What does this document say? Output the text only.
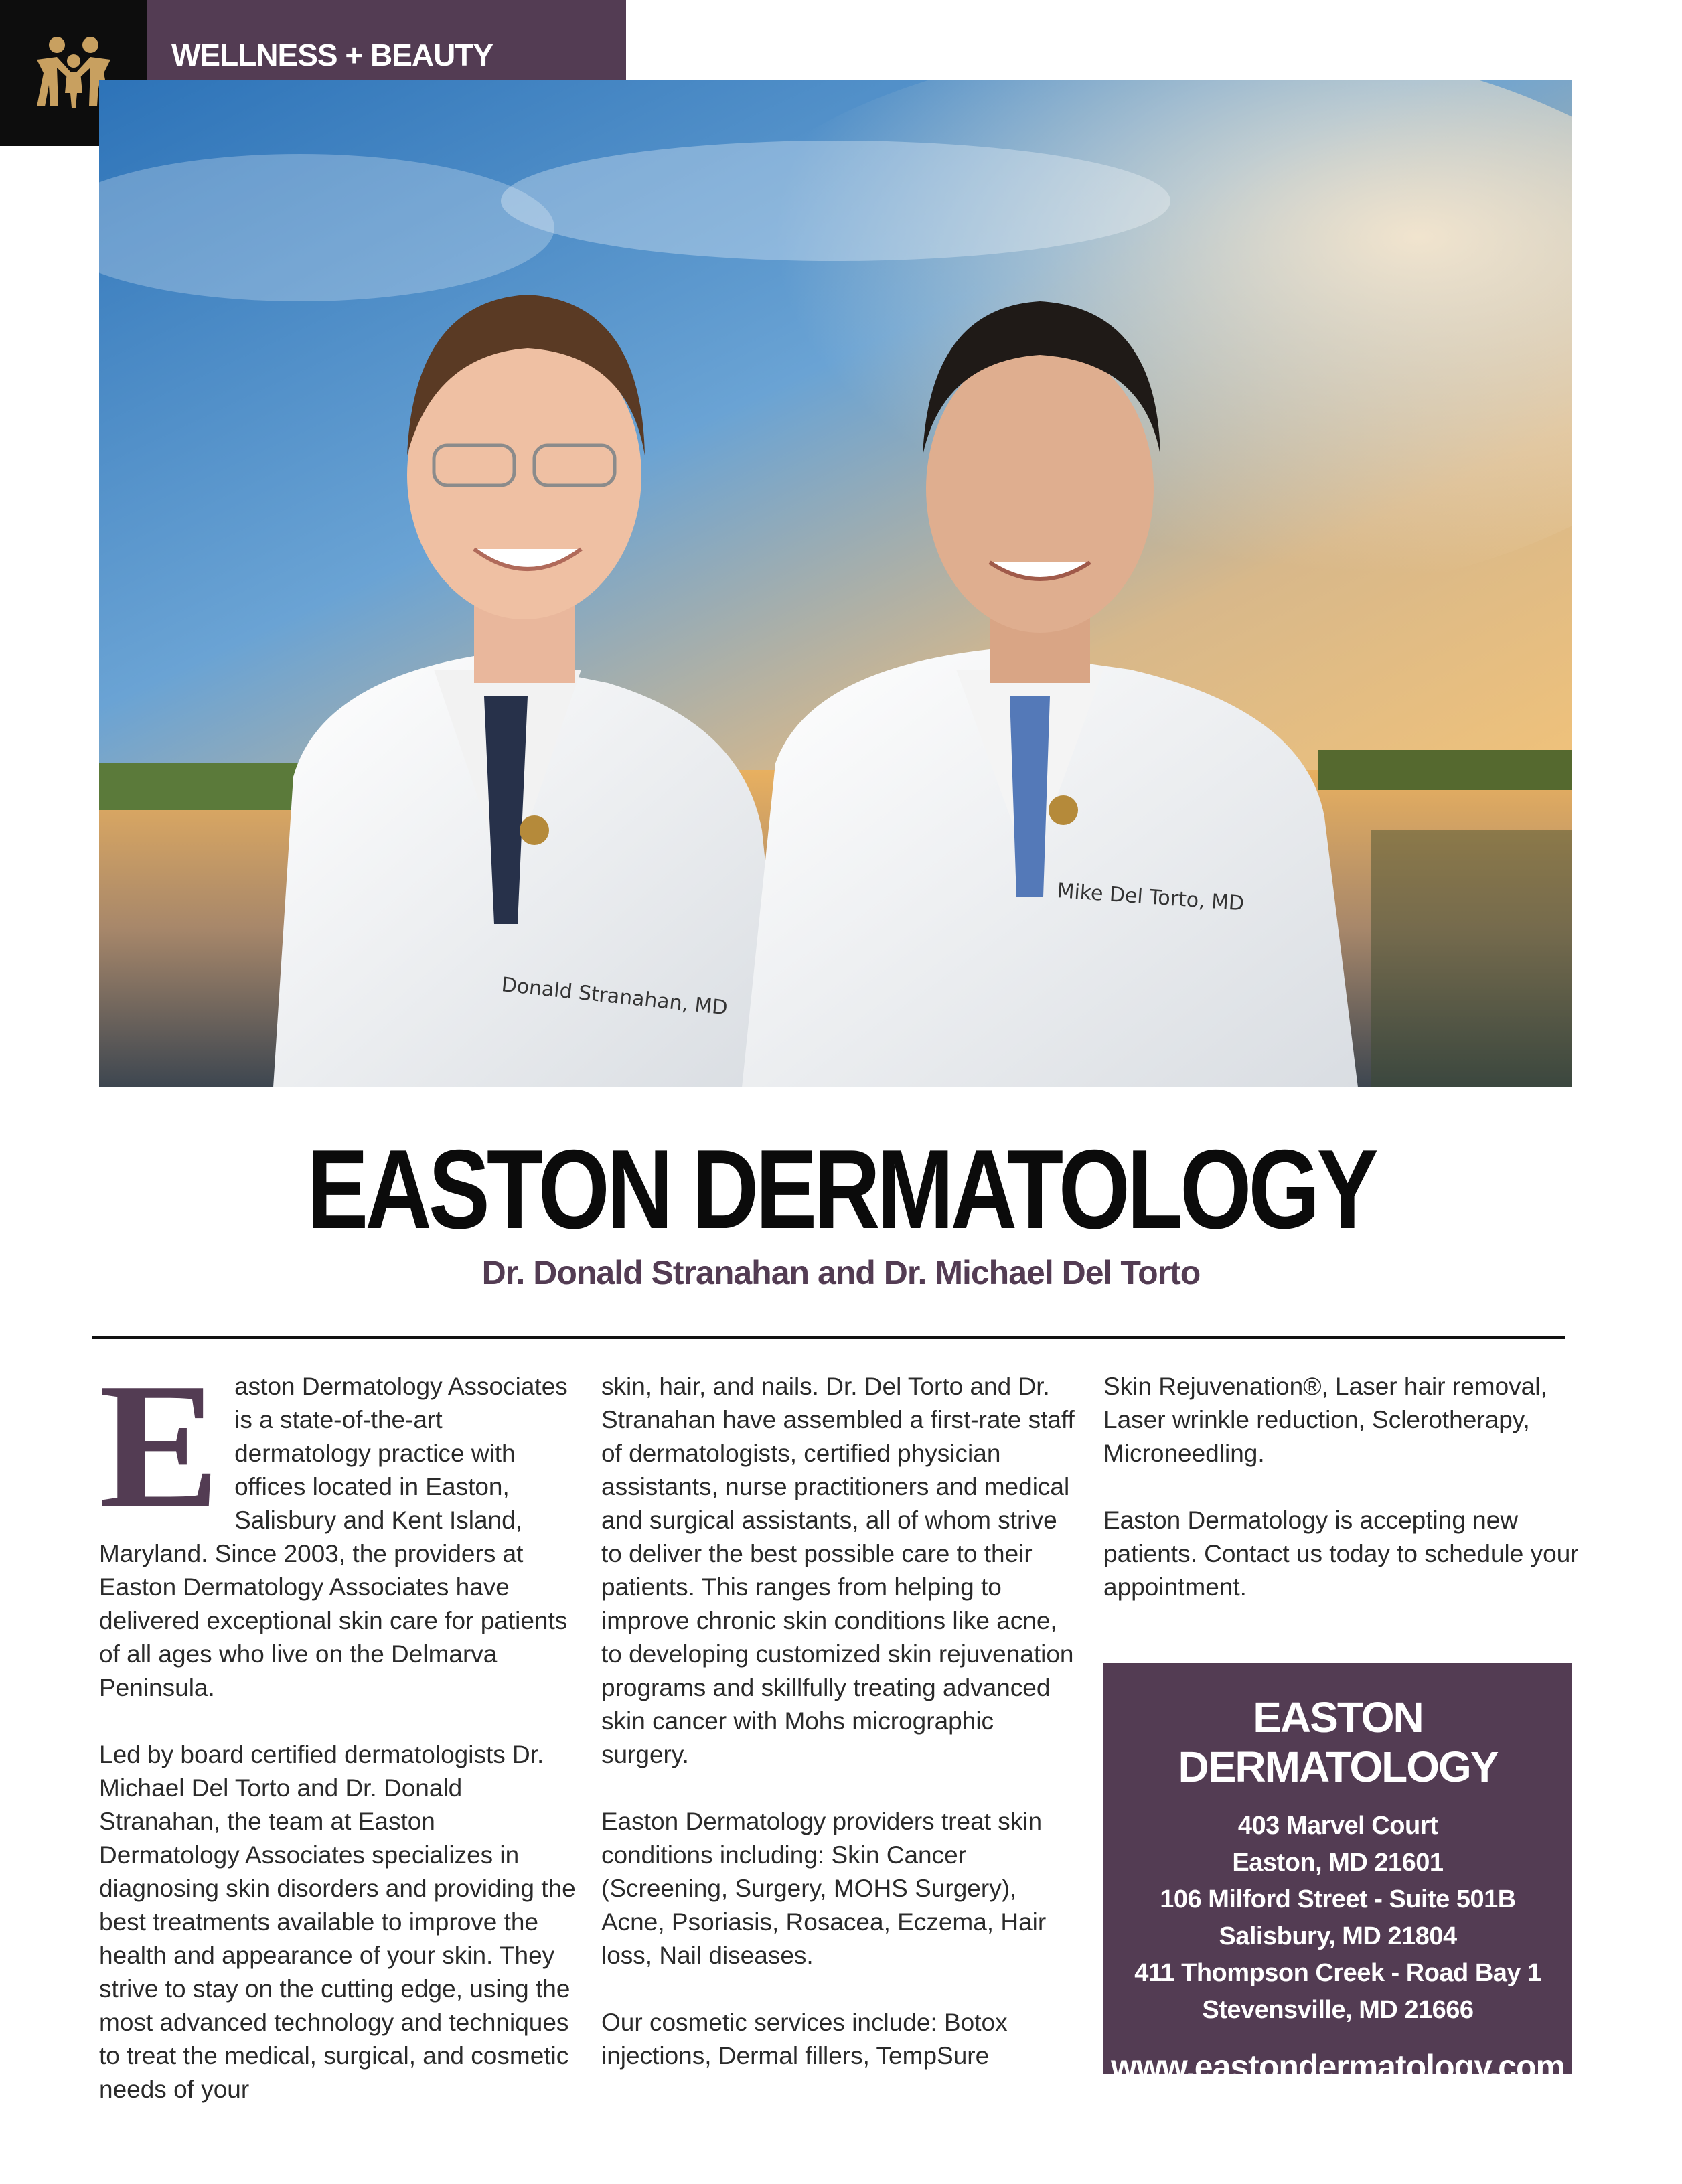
WELLNESS + BEAUTY
Donald Stranahan, MD
Mike Del Torto, MD
EASTON DERMATOLOGY
Dr. Donald Stranahan and Dr. Michael Del Torto
E aston Dermatology Associates is a state-of-the-art dermatology practice with offices located in Easton, Salisbury and Kent Island, Maryland. Since 2003, the providers at Easton Dermatology Associates have delivered exceptional skin care for patients of all ages who live on the Delmarva Peninsula.

Led by board certified dermatologists Dr. Michael Del Torto and Dr. Donald Stranahan, the team at Easton Dermatology Associates specializes in diagnosing skin disorders and providing the best treatments available to improve the health and appearance of your skin. They strive to stay on the cutting edge, using the most advanced technology and techniques to treat the medical, surgical, and cosmetic needs of your

skin, hair, and nails. Dr. Del Torto and Dr. Stranahan have assembled a first-rate staff of dermatologists, certified physician assistants, nurse practitioners and medical and surgical assistants, all of whom strive to deliver the best possible care to their patients. This ranges from helping to improve chronic skin conditions like acne, to developing customized skin rejuvenation programs and skillfully treating advanced skin cancer with Mohs micrographic surgery.

Easton Dermatology providers treat skin conditions including: Skin Cancer (Screening, Surgery, MOHS Surgery), Acne, Psoriasis, Rosacea, Eczema, Hair loss, Nail diseases.

Our cosmetic services include: Botox injections, Dermal fillers, TempSure

Skin Rejuvenation®, Laser hair removal, Laser wrinkle reduction, Sclerotherapy, Microneedling.

Easton Dermatology is accepting new patients. Contact us today to schedule your appointment.

EASTON DERMATOLOGY
403 Marvel Court
Easton, MD 21601
106 Milford Street - Suite 501B
Salisbury, MD 21804
411 Thompson Creek - Road Bay 1
Stevensville, MD 21666
www.eastondermatology.com
